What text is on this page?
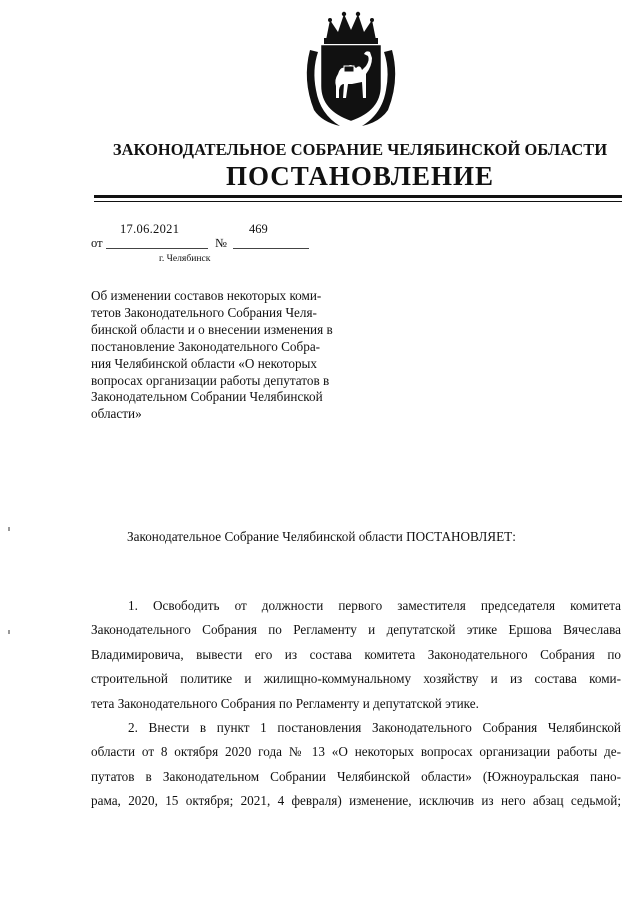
ЗАКОНОДАТЕЛЬНОЕ СОБРАНИЕ ЧЕЛЯБИНСКОЙ ОБЛАСТИ
ПОСТАНОВЛЕНИЕ
от
17.06.2021
№
469
г. Челябинск
Об изменении составов некоторых коми-
тетов Законодательного Собрания Челя-
бинской области и о внесении изменения в
постановление Законодательного Собра-
ния Челябинской области «О некоторых
вопросах организации работы депутатов в
Законодательном Собрании Челябинской
области»
Законодательное Собрание Челябинской области ПОСТАНОВЛЯЕТ:
1. Освободить от должности первого заместителя председателя комитета
Законодательного Собрания по Регламенту и депутатской этике Ершова Вячеслава
Владимировича, вывести его из состава комитета Законодательного Собрания по
строительной политике и жилищно-коммунальному хозяйству и из состава коми-
тета Законодательного Собрания по Регламенту и депутатской этике.
2. Внести в пункт 1 постановления Законодательного Собрания Челябинской
области от 8 октября 2020 года № 13 «О некоторых вопросах организации работы де-
путатов в Законодательном Собрании Челябинской области» (Южноуральская пано-
рама, 2020, 15 октября; 2021, 4 февраля) изменение, исключив из него абзац седьмой;
